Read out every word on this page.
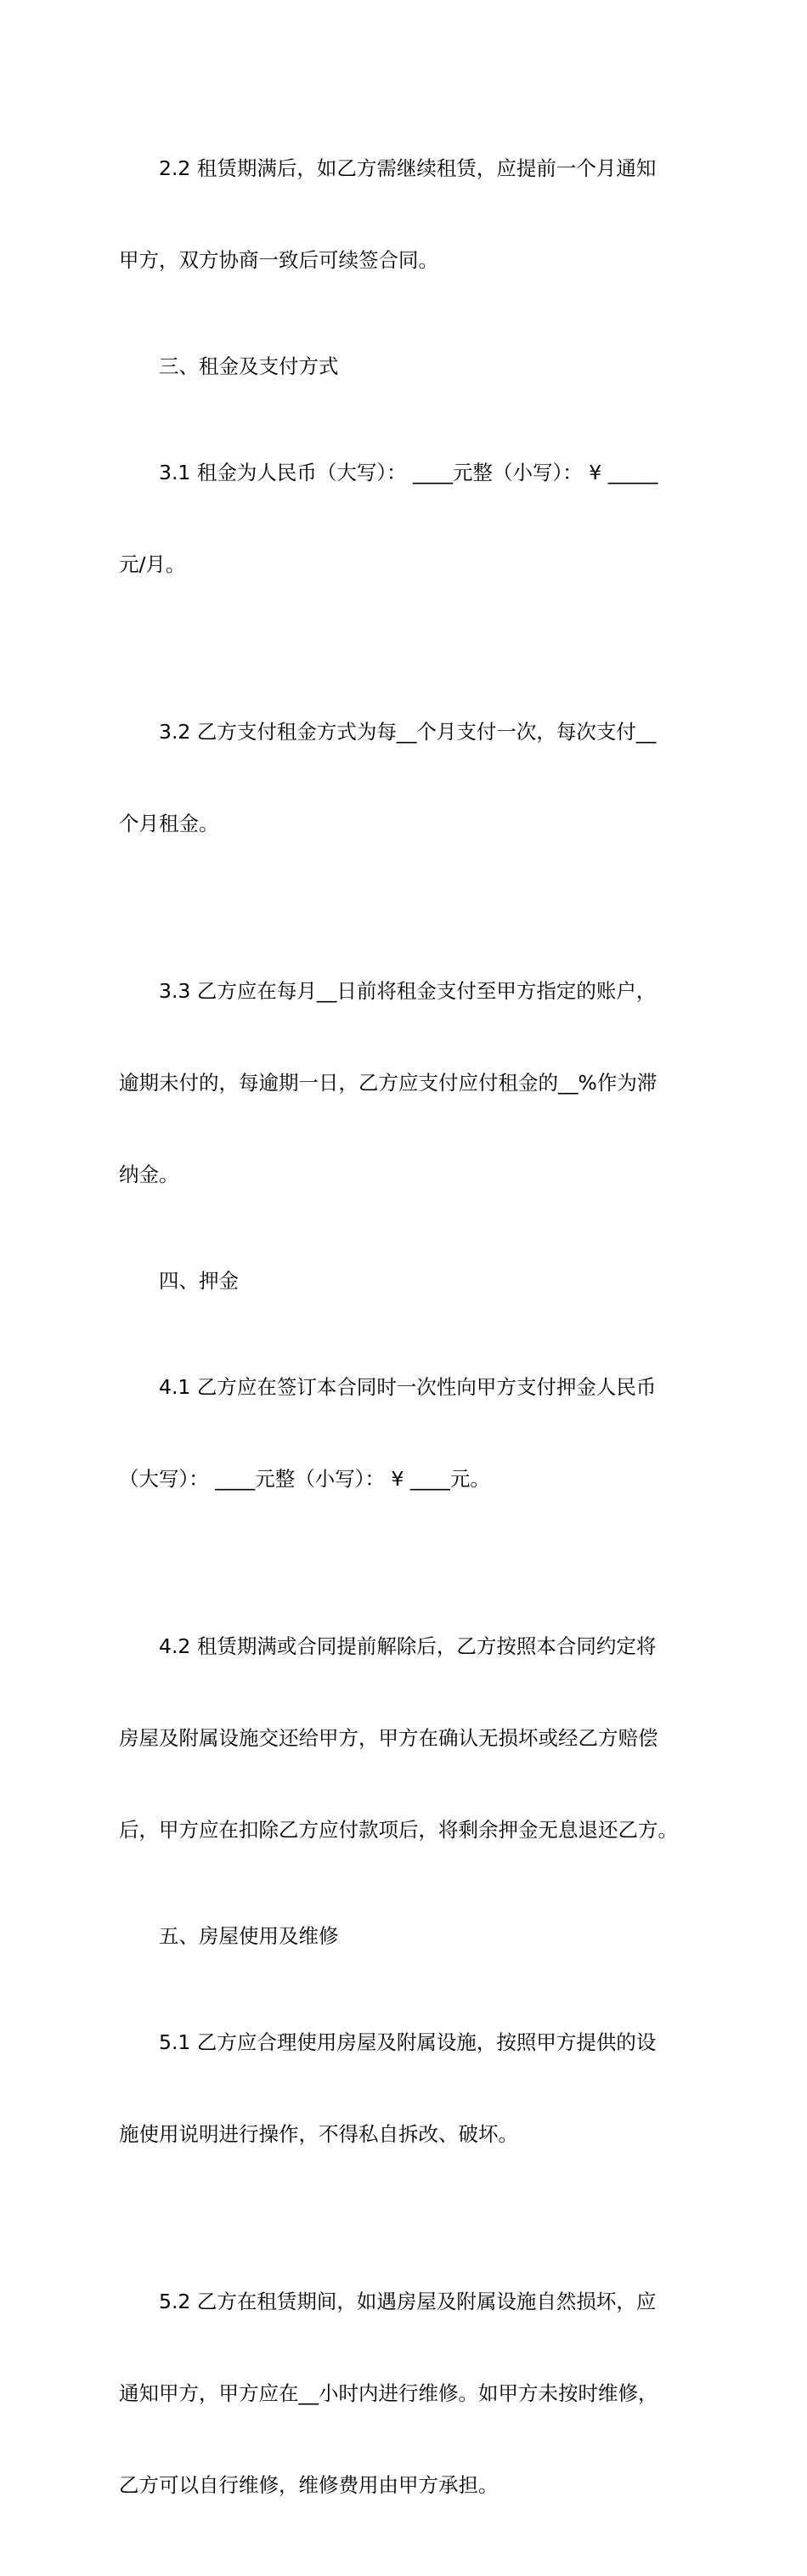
2.2 租赁期满后，如乙方需继续租赁，应提前一个月通知

甲方，双方协商一致后可续签合同。

三、租金及支付方式

3.1 租金为人民币（大写）： ____元整（小写）： ¥ _____

元/月。

3.2 乙方支付租金方式为每__个月支付一次，每次支付__

个月租金。

3.3 乙方应在每月__日前将租金支付至甲方指定的账户，

逾期未付的，每逾期一日，乙方应支付应付租金的__%作为滞

纳金。

四、押金

4.1 乙方应在签订本合同时一次性向甲方支付押金人民币

（大写）： ____元整（小写）： ¥ ____元。

4.2 租赁期满或合同提前解除后，乙方按照本合同约定将

房屋及附属设施交还给甲方，甲方在确认无损坏或经乙方赔偿

后，甲方应在扣除乙方应付款项后，将剩余押金无息退还乙方。

五、房屋使用及维修

5.1 乙方应合理使用房屋及附属设施，按照甲方提供的设

施使用说明进行操作，不得私自拆改、破坏。

5.2 乙方在租赁期间，如遇房屋及附属设施自然损坏，应

通知甲方，甲方应在__小时内进行维修。如甲方未按时维修，

乙方可以自行维修，维修费用由甲方承担。
